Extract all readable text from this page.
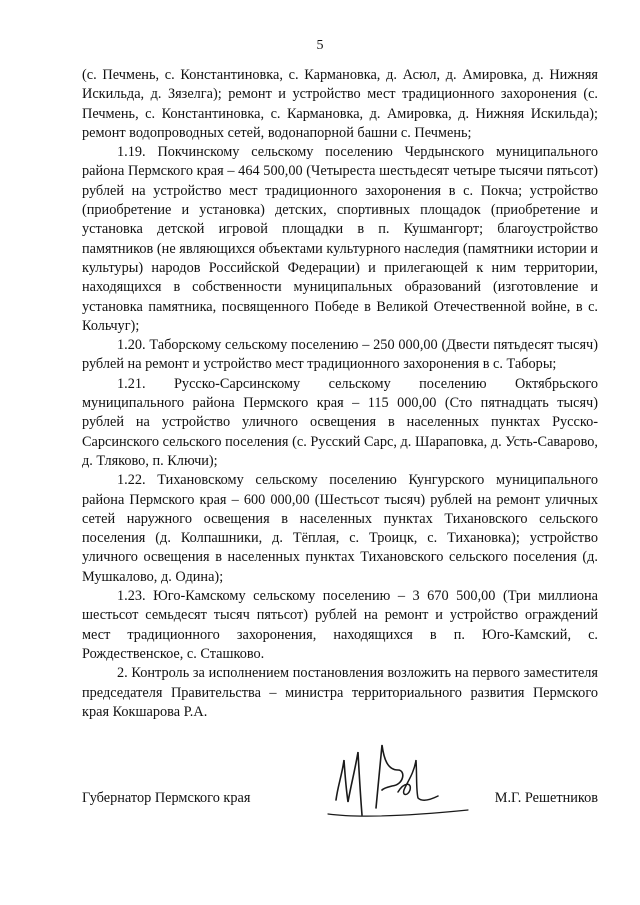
5

(с. Печмень, с. Константиновка, с. Кармановка, д. Асюл, д. Амировка, д. Нижняя Искильда, д. Зязелга); ремонт и устройство мест традиционного захоронения (с. Печмень, с. Константиновка, с. Кармановка, д. Амировка, д. Нижняя Искильда); ремонт водопроводных сетей, водонапорной башни с. Печмень;

1.19. Покчинскому сельскому поселению Чердынского муниципального района Пермского края – 464 500,00 (Четыреста шестьдесят четыре тысячи пятьсот) рублей на устройство мест традиционного захоронения в с. Покча; устройство (приобретение и установка) детских, спортивных площадок (приобретение и установка детской игровой площадки в п. Кушмангорт; благоустройство памятников (не являющихся объектами культурного наследия (памятники истории и культуры) народов Российской Федерации) и прилегающей к ним территории, находящихся в собственности муниципальных образований (изготовление и установка памятника, посвященного Победе в Великой Отечественной войне, в с. Кольчуг);

1.20. Таборскому сельскому поселению – 250 000,00 (Двести пятьдесят тысяч) рублей на ремонт и устройство мест традиционного захоронения в с. Таборы;

1.21. Русско-Сарсинскому сельскому поселению Октябрьского муниципального района Пермского края – 115 000,00 (Сто пятнадцать тысяч) рублей на устройство уличного освещения в населенных пунктах Русско-Сарсинского сельского поселения (с. Русский Сарс, д. Шараповка, д. Усть-Саварово, д. Тляково, п. Ключи);

1.22. Тихановскому сельскому поселению Кунгурского муниципального района Пермского края – 600 000,00 (Шестьсот тысяч) рублей на ремонт уличных сетей наружного освещения в населенных пунктах Тихановского сельского поселения (д. Колпашники, д. Тёплая, с. Троицк, с. Тихановка); устройство уличного освещения в населенных пунктах Тихановского сельского поселения (д. Мушкалово, д. Одина);

1.23. Юго-Камскому сельскому поселению – 3 670 500,00 (Три миллиона шестьсот семьдесят тысяч пятьсот) рублей на ремонт и устройство ограждений мест традиционного захоронения, находящихся в п. Юго-Камский, с. Рождественское, с. Сташково.

2. Контроль за исполнением постановления возложить на первого заместителя председателя Правительства – министра территориального развития Пермского края Кокшарова Р.А.

Губернатор Пермского края	М.Г. Решетников
